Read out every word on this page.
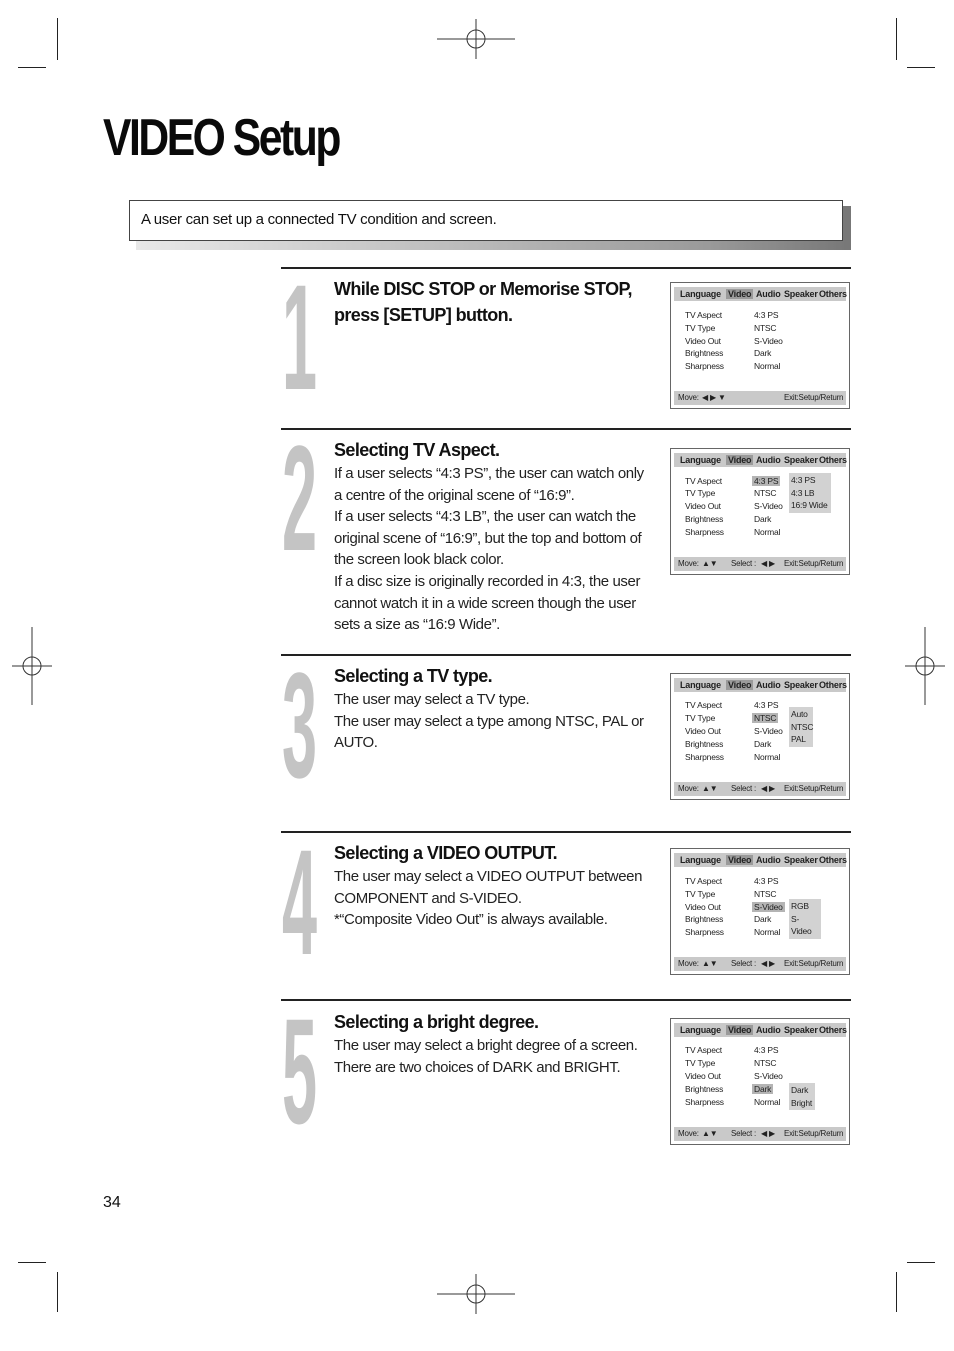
VIDEO Setup
A user can set up a connected TV condition and screen.
1 While DISC STOP or Memorise STOP, press [SETUP] button.
Language Video Audio Speaker Others
TV Aspect
TV Type
Video Out
Brightness
Sharpness
4:3 PS
NTSC
S-Video
Dark
Normal
Move: ◀ ▶ ▼	Exit:Setup/Return
2 Selecting TV Aspect.

If a user selects “4:3 PS”, the user can watch only a centre of the original scene of “16:9”.

If a user selects “4:3 LB”, the user can watch the original scene of “16:9”, but the top and bottom of the screen look black color.

If a disc size is originally recorded in 4:3, the user cannot watch it in a wide screen though the user sets a size as “16:9 Wide”.

Language Video Audio Speaker Others
TV Aspect
TV Type
Video Out
Brightness
Sharpness
4:3 PS
NTSC
S-Video
Dark
Normal
4:3 PS
4:3 LB
16:9 Wide
Move: ▲▼ Select : ◀ ▶ Exit:Setup/Return
3 Selecting a TV type.

The user may select a TV type.

The user may select a type among NTSC, PAL or AUTO.

Language Video Audio Speaker Others
TV Aspect
TV Type
Video Out
Brightness
Sharpness
4:3 PS
NTSC
S-Video
Dark
Normal
Auto
NTSC
PAL
Move: ▲▼ Select : ◀ ▶ Exit:Setup/Return
4 Selecting a VIDEO OUTPUT.

The user may select a VIDEO OUTPUT between COMPONENT and S-VIDEO.

*“Composite Video Out” is always available.

Language Video Audio Speaker Others
TV Aspect
TV Type
Video Out
Brightness
Sharpness
4:3 PS
NTSC
S-Video
Dark
Normal
RGB
S-Video
Move: ▲▼ Select : ◀ ▶ Exit:Setup/Return
5 Selecting a bright degree.

The user may select a bright degree of a screen.

There are two choices of DARK and BRIGHT.

Language Video Audio Speaker Others
TV Aspect
TV Type
Video Out
Brightness
Sharpness
4:3 PS
NTSC
S-Video
Dark
Normal
Dark
Bright
Move: ▲▼ Select : ◀ ▶ Exit:Setup/Return
34
